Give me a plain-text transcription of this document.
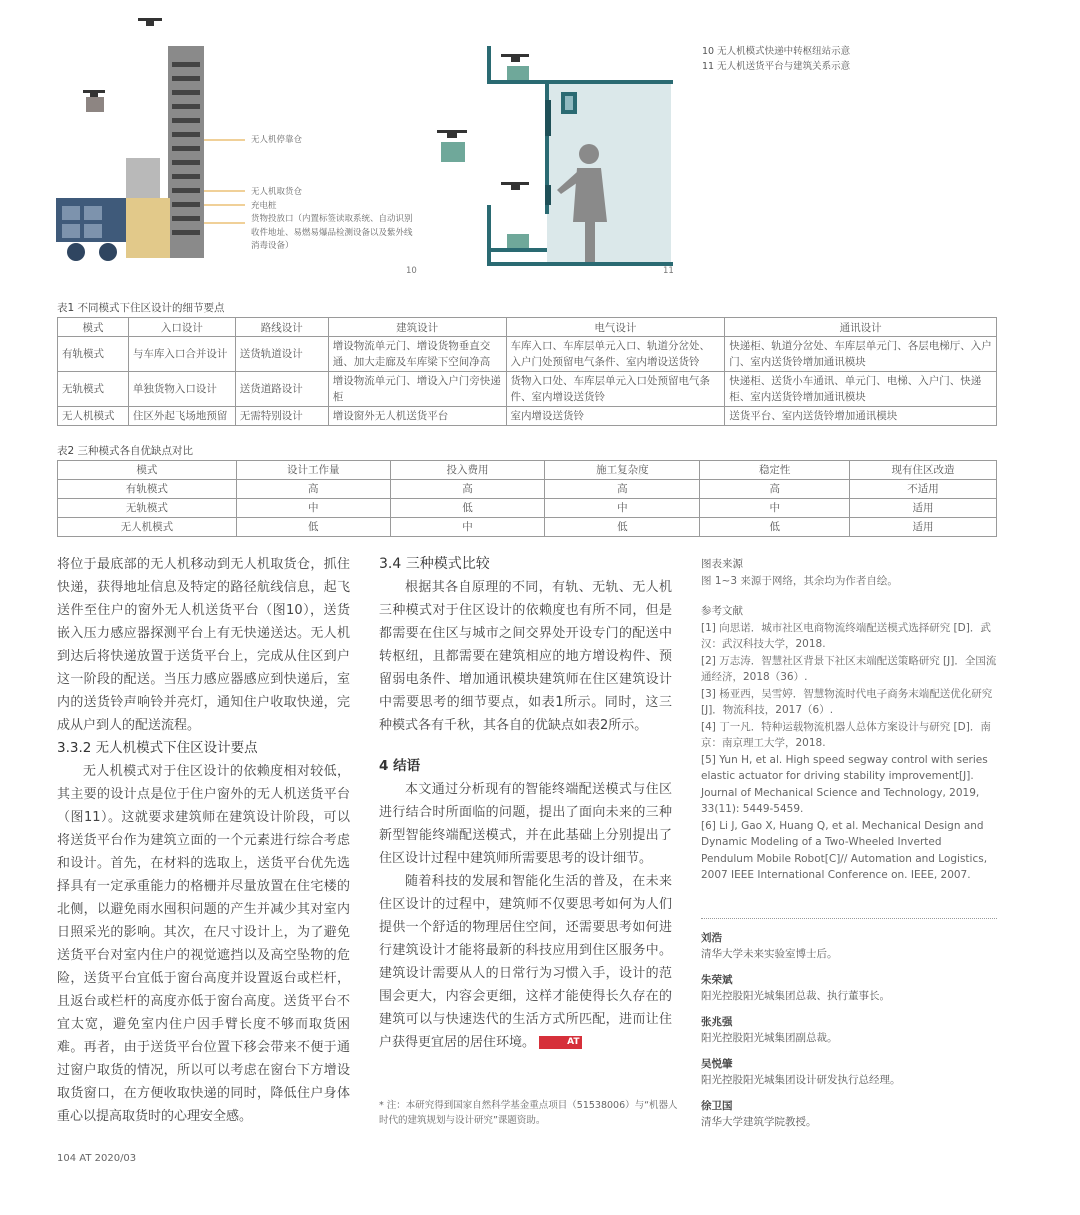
无人机停靠仓
无人机取货仓
充电桩
货物投放口（内置标签读取系统、自动识别
收件地址、易燃易爆品检测设备以及紫外线
消毒设备）
10	11
10 无人机模式快递中转枢纽站示意
11 无人机送货平台与建筑关系示意
表1 不同模式下住区设计的细节要点
模式	入口设计	路线设计	建筑设计	电气设计	通讯设计
有轨模式	与车库入口合并设计	送货轨道设计	增设物流单元门、增设货物垂直交通、加大走廊及车库梁下空间净高	车库入口、车库层单元入口、轨道分岔处、入户门处预留电气条件、室内增设送货铃	快递柜、轨道分岔处、车库层单元门、各层电梯厅、入户门、室内送货铃增加通讯模块
无轨模式	单独货物入口设计	送货道路设计	增设物流单元门、增设入户门旁快递柜	货物入口处、车库层单元入口处预留电气条件、室内增设送货铃	快递柜、送货小车通讯、单元门、电梯、入户门、快递柜、室内送货铃增加通讯模块
无人机模式	住区外起飞场地预留	无需特别设计	增设窗外无人机送货平台	室内增设送货铃	送货平台、室内送货铃增加通讯模块
表2 三种模式各自优缺点对比
模式	设计工作量	投入费用	施工复杂度	稳定性	现有住区改造
有轨模式	高	高	高	高	不适用
无轨模式	中	低	中	中	适用
无人机模式	低	中	低	低	适用

将位于最底部的无人机移动到无人机取货仓，抓住快递，获得地址信息及特定的路径航线信息，起飞送件至住户的窗外无人机送货平台（图10），送货嵌入压力感应器探测平台上有无快递送达。无人机到达后将快递放置于送货平台上，完成从住区到户这一阶段的配送。当压力感应器感应到快递后，室内的送货铃声响铃并亮灯，通知住户收取快递，完成从户到人的配送流程。

3.3.2 无人机模式下住区设计要点

无人机模式对于住区设计的依赖度相对较低，其主要的设计点是位于住户窗外的无人机送货平台（图11）。这就要求建筑师在建筑设计阶段，可以将送货平台作为建筑立面的一个元素进行综合考虑和设计。首先，在材料的选取上，送货平台优先选择具有一定承重能力的格栅并尽量放置在住宅楼的北侧，以避免雨水囤积问题的产生并减少其对室内日照采光的影响。其次，在尺寸设计上，为了避免送货平台对室内住户的视觉遮挡以及高空坠物的危险，送货平台宜低于窗台高度并设置返台或栏杆，且返台或栏杆的高度亦低于窗台高度。送货平台不宜太宽，避免室内住户因手臂长度不够而取货困难。再者，由于送货平台位置下移会带来不便于通过窗户取货的情况，所以可以考虑在窗台下方增设取货窗口，在方便收取快递的同时，降低住户身体重心以提高取货时的心理安全感。

3.4 三种模式比较

根据其各自原理的不同，有轨、无轨、无人机三种模式对于住区设计的依赖度也有所不同，但是都需要在住区与城市之间交界处开设专门的配送中转枢纽，且都需要在建筑相应的地方增设构件、预留弱电条件、增加通讯模块建筑师在住区建筑设计中需要思考的细节要点，如表1所示。同时，这三种模式各有千秋，其各自的优缺点如表2所示。

4 结语

本文通过分析现有的智能终端配送模式与住区进行结合时所面临的问题，提出了面向未来的三种新型智能终端配送模式，并在此基础上分别提出了住区设计过程中建筑师所需要思考的设计细节。

随着科技的发展和智能化生活的普及，在未来住区设计的过程中，建筑师不仅要思考如何为人们提供一个舒适的物理居住空间，还需要思考如何进行建筑设计才能将最新的科技应用到住区服务中。建筑设计需要从人的日常行为习惯入手，设计的范围会更大，内容会更细，这样才能使得长久存在的建筑可以与快速迭代的生活方式所匹配，进而让住户获得更宜居的居住环境。	AT

* 注：本研究得到国家自然科学基金重点项目（51538006）与“机器人时代的建筑规划与设计研究”课题资助。
图表来源
图 1~3 来源于网络，其余均为作者自绘。
参考文献
[1] 向思诺．城市社区电商物流终端配送模式选择研究 [D]．武汉：武汉科技大学，2018.
[2] 万志涛．智慧社区背景下社区末端配送策略研究 [J]．全国流通经济，2018（36）.
[3] 杨亚西，吴雪婷．智慧物流时代电子商务末端配送优化研究 [J]．物流科技，2017（6）.
[4] 丁一凡．特种运载物流机器人总体方案设计与研究 [D]．南京：南京理工大学，2018.
[5] Yun H, et al. High speed segway control with series elastic actuator for driving stability improvement[J]. Journal of Mechanical Science and Technology, 2019, 33(11): 5449-5459.
[6] Li J, Gao X, Huang Q, et al. Mechanical Design and Dynamic Modeling of a Two-Wheeled Inverted Pendulum Mobile Robot[C]// Automation and Logistics, 2007 IEEE International Conference on. IEEE, 2007.
刘浩
清华大学未来实验室博士后。
朱荣斌
阳光控股阳光城集团总裁、执行董事长。
张兆强
阳光控股阳光城集团副总裁。
吴悦肇
阳光控股阳光城集团设计研发执行总经理。
徐卫国
清华大学建筑学院教授。
104 AT 2020/03
